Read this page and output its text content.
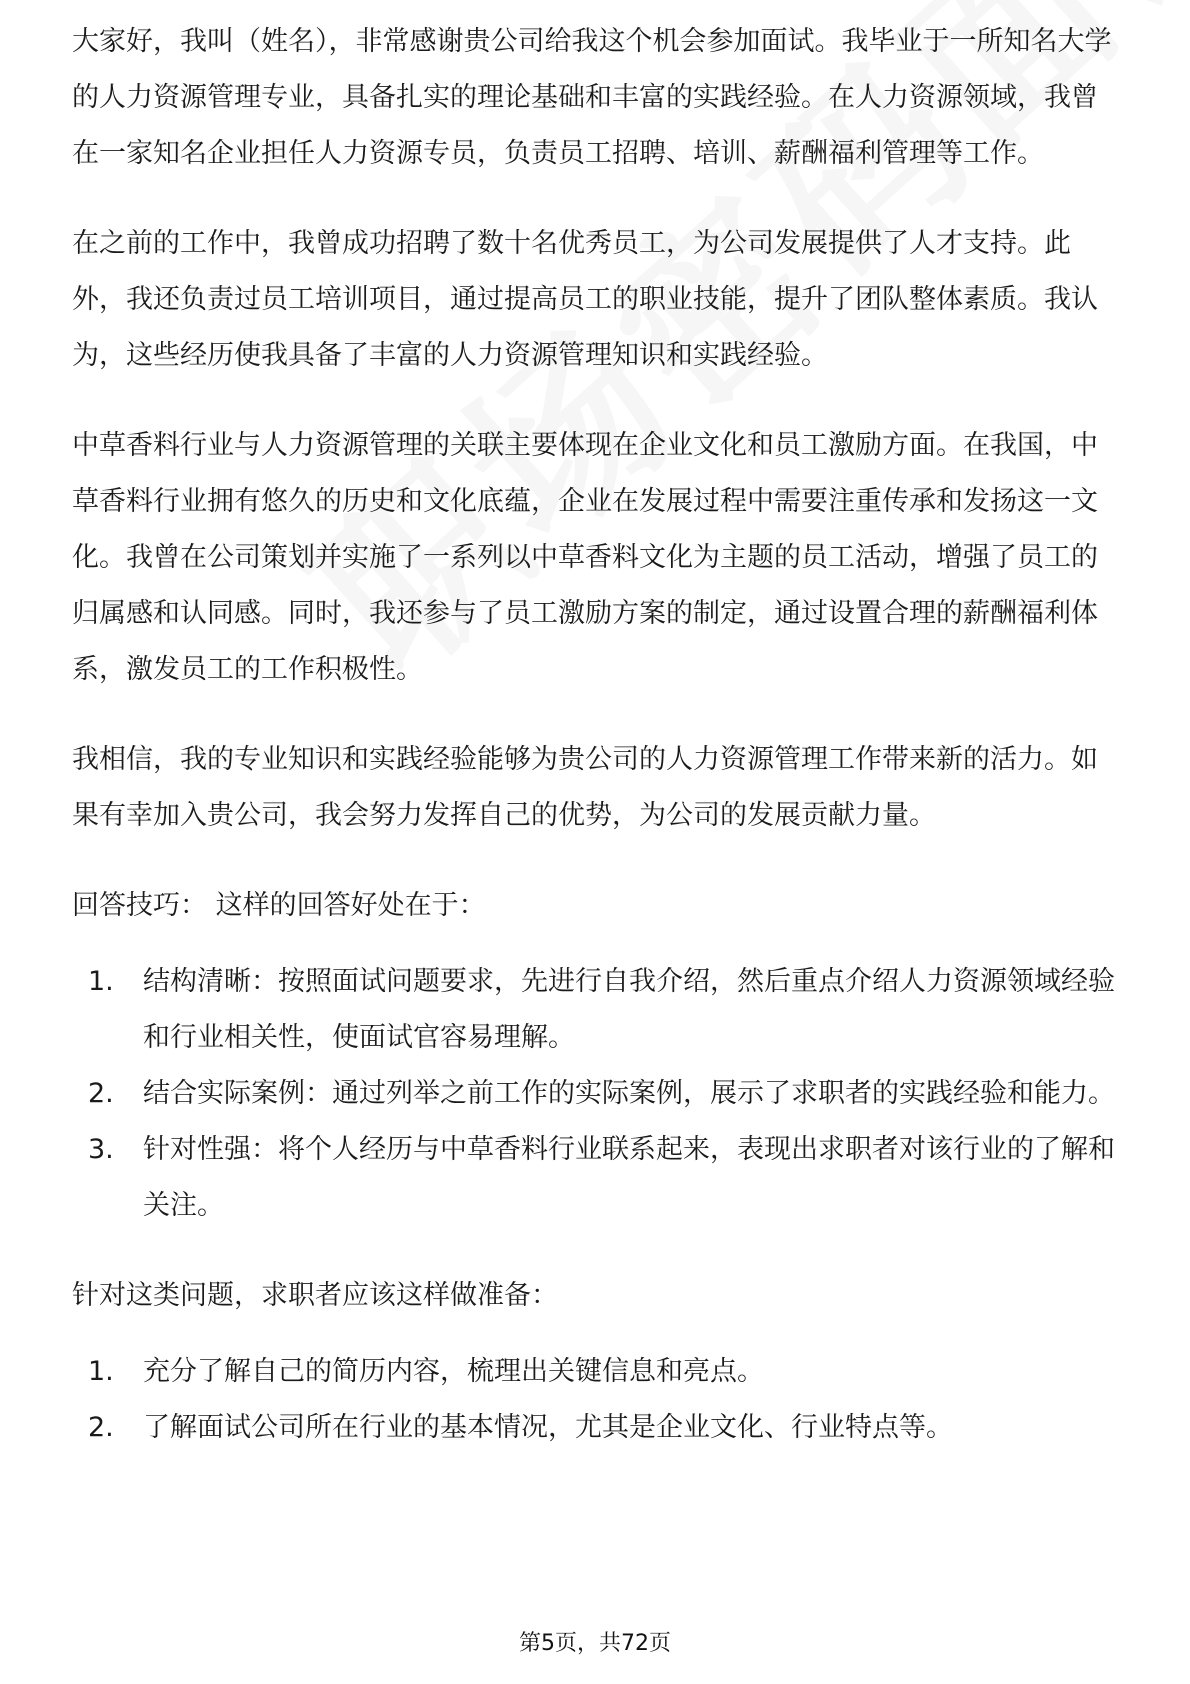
大家好，我叫（姓名），非常感谢贵公司给我这个机会参加面试。我毕业于一所知名大学的人力资源管理专业，具备扎实的理论基础和丰富的实践经验。在人力资源领域，我曾在一家知名企业担任人力资源专员，负责员工招聘、培训、薪酬福利管理等工作。

在之前的工作中，我曾成功招聘了数十名优秀员工，为公司发展提供了人才支持。此外，我还负责过员工培训项目，通过提高员工的职业技能，提升了团队整体素质。我认为，这些经历使我具备了丰富的人力资源管理知识和实践经验。

中草香料行业与人力资源管理的关联主要体现在企业文化和员工激励方面。在我国，中草香料行业拥有悠久的历史和文化底蕴，企业在发展过程中需要注重传承和发扬这一文化。我曾在公司策划并实施了一系列以中草香料文化为主题的员工活动，增强了员工的归属感和认同感。同时，我还参与了员工激励方案的制定，通过设置合理的薪酬福利体系，激发员工的工作积极性。

我相信，我的专业知识和实践经验能够为贵公司的人力资源管理工作带来新的活力。如果有幸加入贵公司，我会努力发挥自己的优势，为公司的发展贡献力量。

回答技巧： 这样的回答好处在于：

1.	结构清晰：按照面试问题要求，先进行自我介绍，然后重点介绍人力资源领域经验和行业相关性，使面试官容易理解。
2.	结合实际案例：通过列举之前工作的实际案例，展示了求职者的实践经验和能力。
3.	针对性强：将个人经历与中草香料行业联系起来，表现出求职者对该行业的了解和关注。

针对这类问题，求职者应该这样做准备：

1.	充分了解自己的简历内容，梳理出关键信息和亮点。
2.	了解面试公司所在行业的基本情况，尤其是企业文化、行业特点等。
第5页，共72页
